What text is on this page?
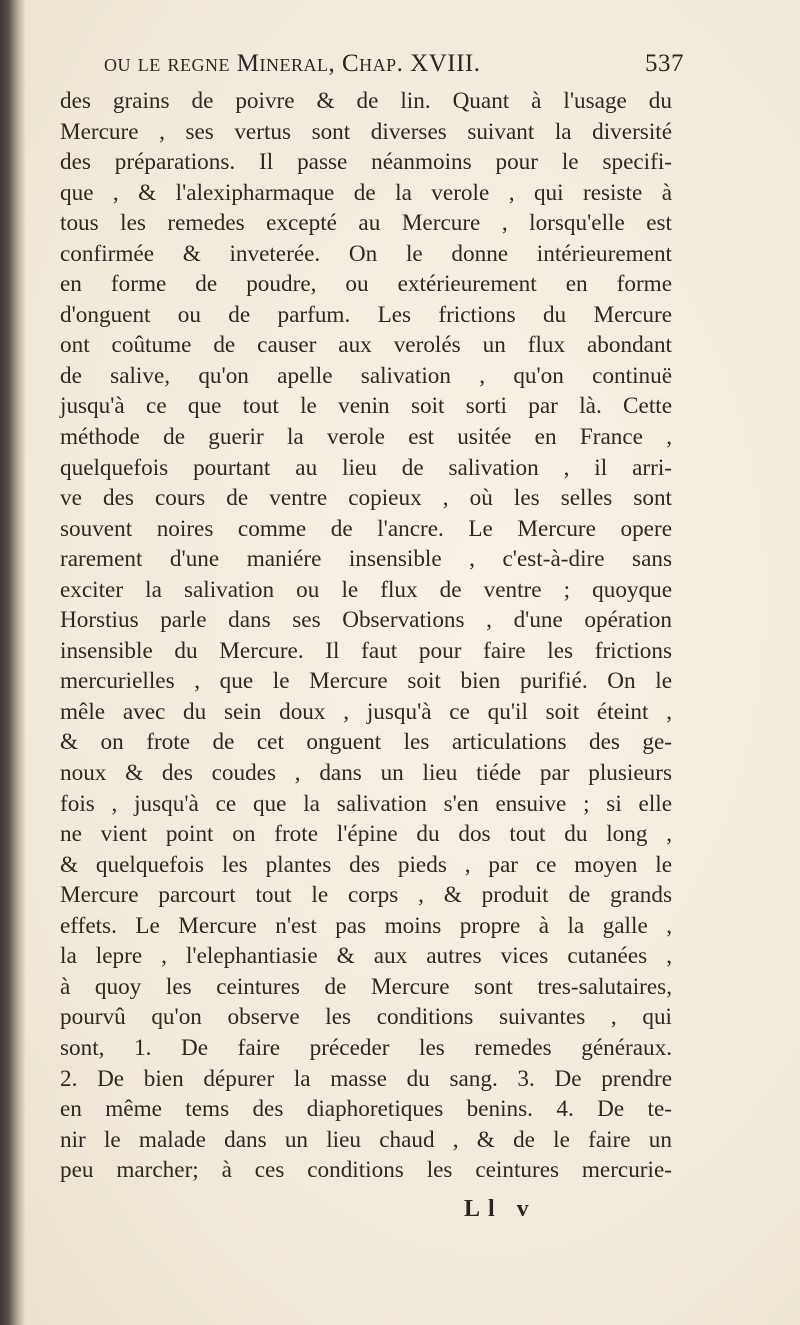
ou le regne Mineral, Chap. XVIII.	537
des grains de poivre & de lin. Quant à l'usage du
Mercure , ses vertus sont diverses suivant la diversité
des préparations. Il passe néanmoins pour le specifi-
que , & l'alexipharmaque de la verole , qui resiste à
tous les remedes excepté au Mercure , lorsqu'elle est
confirmée & inveterée. On le donne intérieurement
en forme de poudre, ou extérieurement en forme
d'onguent ou de parfum. Les frictions du Mercure
ont coûtume de causer aux verolés un flux abondant
de salive, qu'on apelle salivation , qu'on continuë
jusqu'à ce que tout le venin soit sorti par là. Cette
méthode de guerir la verole est usitée en France ,
quelquefois pourtant au lieu de salivation , il arri-
ve des cours de ventre copieux , où les selles sont
souvent noires comme de l'ancre. Le Mercure opere
rarement d'une maniére insensible , c'est-à-dire sans
exciter la salivation ou le flux de ventre ; quoyque
Horstius parle dans ses Observations , d'une opération
insensible du Mercure. Il faut pour faire les frictions
mercurielles , que le Mercure soit bien purifié. On le
mêle avec du sein doux , jusqu'à ce qu'il soit éteint ,
& on frote de cet onguent les articulations des ge-
noux & des coudes , dans un lieu tiéde par plusieurs
fois , jusqu'à ce que la salivation s'en ensuive ; si elle
ne vient point on frote l'épine du dos tout du long ,
& quelquefois les plantes des pieds , par ce moyen le
Mercure parcourt tout le corps , & produit de grands
effets. Le Mercure n'est pas moins propre à la galle ,
la lepre , l'elephantiasie & aux autres vices cutanées ,
à quoy les ceintures de Mercure sont tres-salutaires,
pourvû qu'on observe les conditions suivantes , qui
sont, 1. De faire préceder les remedes généraux.
2. De bien dépurer la masse du sang. 3. De prendre
en même tems des diaphoretiques benins. 4. De te-
nir le malade dans un lieu chaud , & de le faire un
peu marcher; à ces conditions les ceintures mercurie-
Ll v
